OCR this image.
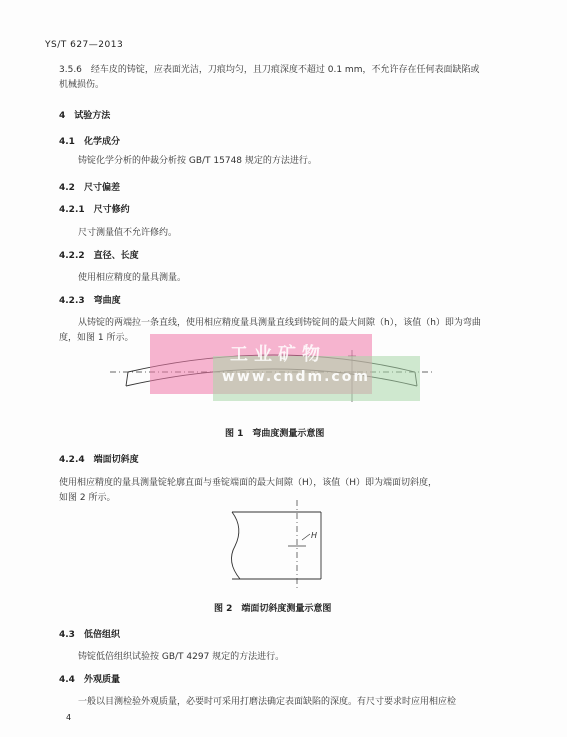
YS/T 627—2013
3.5.6　经车皮的铸锭，应表面光洁，刀痕均匀，且刀痕深度不超过 0.1 mm，不允许存在任何表面缺陷或
机械损伤。
4　试验方法
4.1　化学成分
铸锭化学分析的仲裁分析按 GB/T 15748 规定的方法进行。
4.2　尺寸偏差
4.2.1　尺寸修约
尺寸测量值不允许修约。
4.2.2　直径、长度
使用相应精度的量具测量。
4.2.3　弯曲度
从铸锭的两端拉一条直线，使用相应精度量具测量直线到铸锭间的最大间隙（h），该值（h）即为弯曲
度，如图 1 所示。
工业矿物
www.cndm.com
图 1　弯曲度测量示意图
4.2.4　端面切斜度
使用相应精度的量具测量锭轮廓直面与垂锭端面的最大间隙（H），该值（H）即为端面切斜度，
如图 2 所示。
H
图 2　端面切斜度测量示意图
4.3　低倍组织
铸锭低倍组织试验按 GB/T 4297 规定的方法进行。
4.4　外观质量
一般以目测检验外观质量，必要时可采用打磨法确定表面缺陷的深度。有尺寸要求时应用相应检
4
